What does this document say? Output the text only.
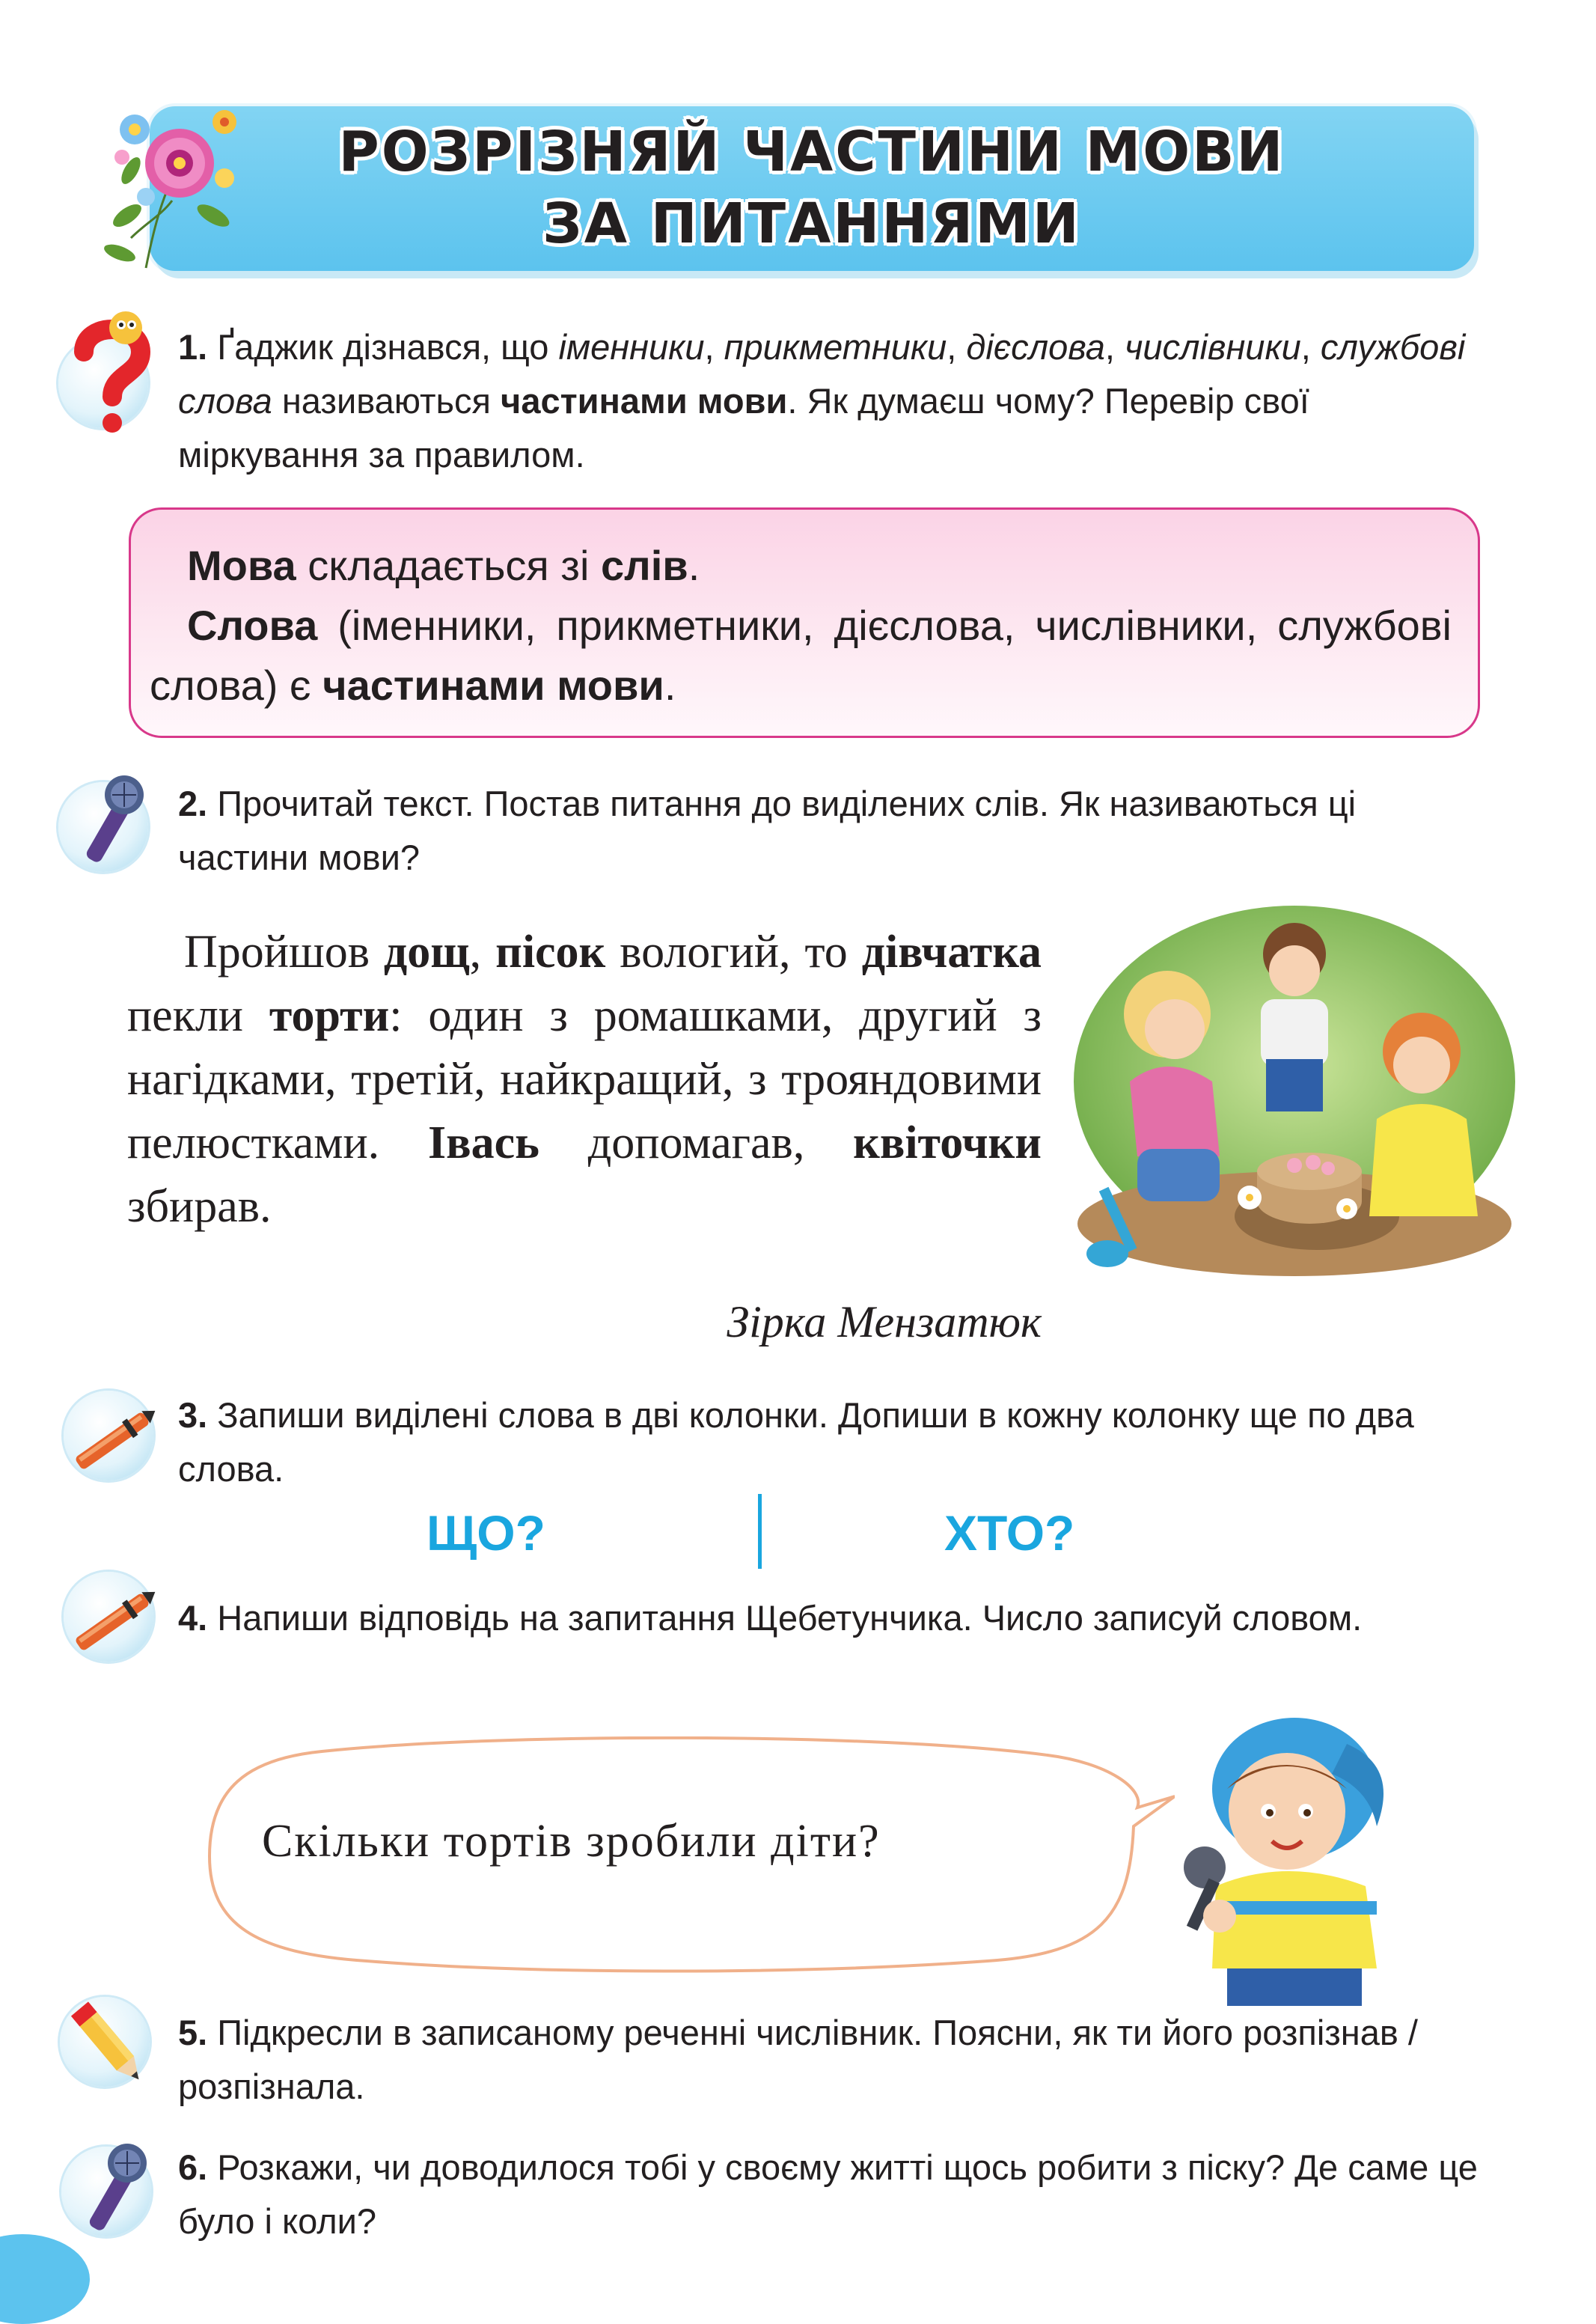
РОЗРІЗНЯЙ ЧАСТИНИ МОВИ
ЗА ПИТАННЯМИ
1. Ґаджик дізнався, що іменники, прикметники, дієслова, числівники, службові слова називаються частинами мови. Як думаєш чому? Перевір свої міркування за правилом.
Мова складається зі слів.
Слова (іменники, прикметники, дієслова, числівники, службові слова) є частинами мови.
2. Прочитай текст. Постав питання до виділених слів. Як називаються ці частини мови?
Пройшов дощ, пісок вологий, то дівчатка пекли торти: один з ромашками, другий з нагідками, третій, найкращий, з трояндовими пелюстками. Івась допомагав, квіточки збирав.
Зірка Мензатюк
3. Запиши виділені слова в дві колонки. Допиши в кожну колонку ще по два слова.
ЩО?	ХТО?
4. Напиши відповідь на запитання Щебетунчика. Число записуй словом.
Скільки тортів зробили діти?
5. Підкресли в записаному реченні числівник. Поясни, як ти його розпізнав / розпізнала.
6. Розкажи, чи доводилося тобі у своєму житті щось робити з піску? Де саме це було і коли?
